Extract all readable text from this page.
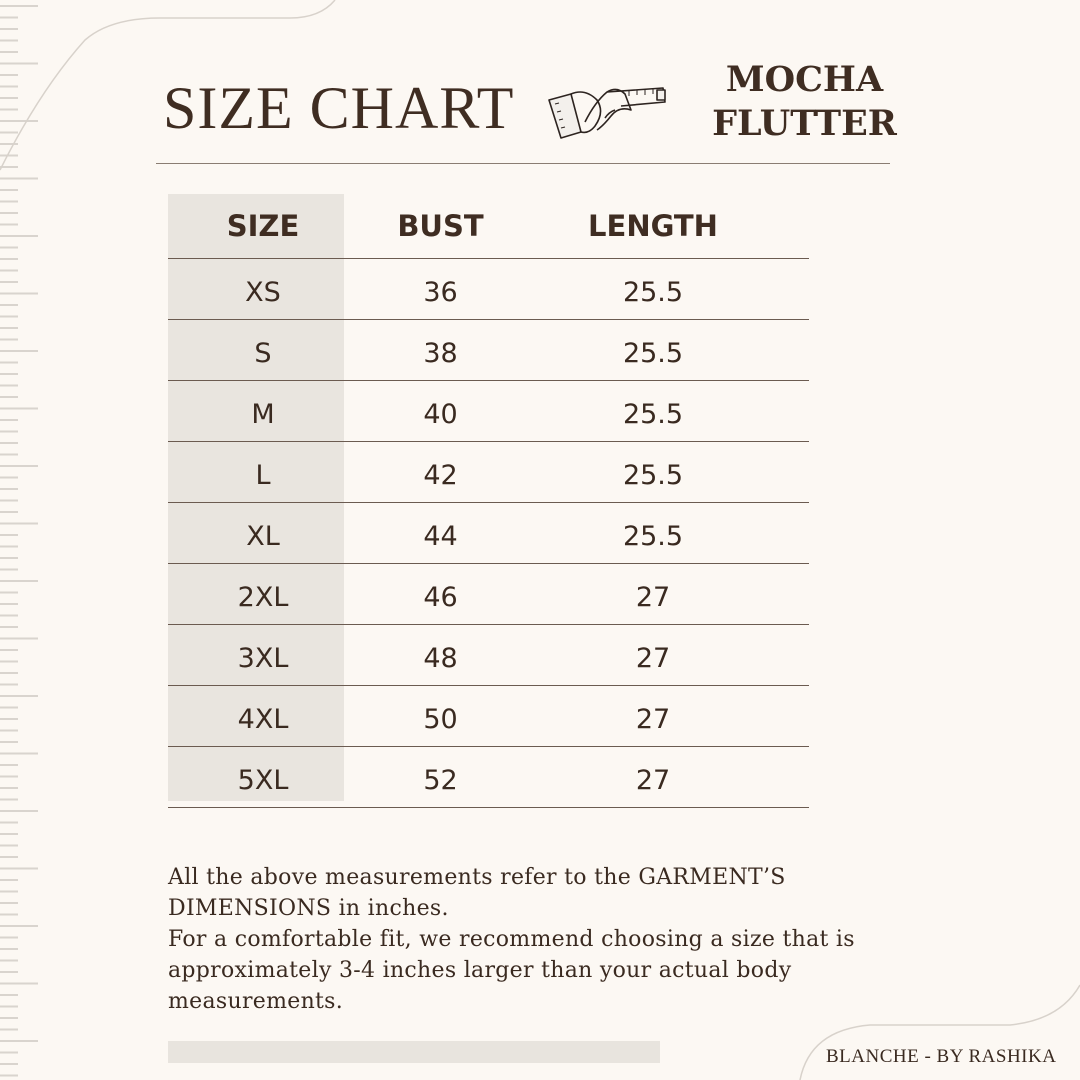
SIZE CHART	MOCHA
FLUTTER
SIZE	BUST	LENGTH
XS	36	25.5
S	38	25.5
M	40	25.5
L	42	25.5
XL	44	25.5
2XL	46	27
3XL	48	27
4XL	50	27
5XL	52	27

All the above measurements refer to the GARMENT’S DIMENSIONS in inches.

For a comfortable fit, we recommend choosing a size that is approximately 3-4 inches larger than your actual body measurements.

BLANCHE - BY RASHIKA
